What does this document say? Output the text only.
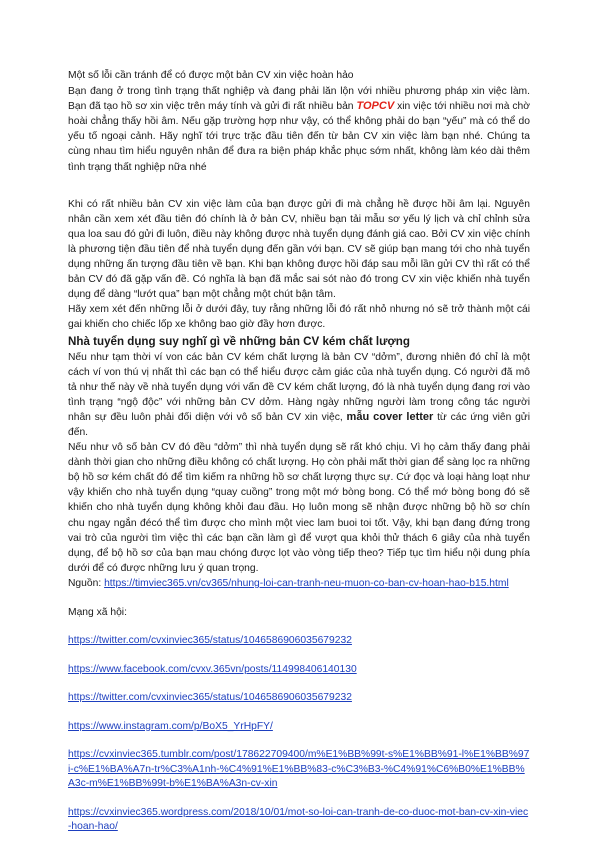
Một số lỗi cần tránh để có được một bản CV xin việc hoàn hảo

Bạn đang ở trong tình trạng thất nghiệp và đang phải lăn lộn với nhiều phương pháp xin việc làm. Bạn đã tạo hồ sơ xin việc trên máy tính và gửi đi rất nhiều bản TOPCV xin việc tới nhiều nơi mà chờ hoài chẳng thấy hồi âm. Nếu gặp trường hợp như vậy, có thể không phải do bạn “yếu” mà có thể do yếu tố ngoại cảnh. Hãy nghĩ tới trực trặc đầu tiên đến từ bản CV xin việc làm bạn nhé. Chúng ta cùng nhau tìm hiểu nguyên nhân để đưa ra biện pháp khắc phục sớm nhất, không làm kéo dài thêm tình trạng thất nghiệp nữa nhé

Khi có rất nhiều bản CV xin việc làm của bạn được gửi đi mà chẳng hề được hồi âm lại. Nguyên nhân cần xem xét đầu tiên đó chính là ở bản CV, nhiều bạn tải mẫu sơ yếu lý lịch và chỉ chỉnh sửa qua loa sau đó gửi đi luôn, điều này không được nhà tuyển dụng đánh giá cao. Bởi CV xin việc chính là phương tiện đầu tiên để nhà tuyển dụng đến gần với bạn. CV sẽ giúp bạn mang tới cho nhà tuyển dụng những ấn tượng đầu tiên về bạn. Khi bạn không được hồi đáp sau mỗi lần gửi CV thì rất có thể bản CV đó đã gặp vấn đề. Có nghĩa là bạn đã mắc sai sót nào đó trong CV xin việc khiến nhà tuyển dụng để dàng “lướt qua” bạn một chẳng một chút bận tâm.

Hãy xem xét đến những lỗi ở dưới đây, tuy rằng những lỗi đó rất nhỏ nhưng nó sẽ trở thành một cái gai khiến cho chiếc lốp xe không bao giờ đầy hơn được.

Nhà tuyển dụng suy nghĩ gì về những bản CV kém chất lượng

Nếu như tạm thời ví von các bản CV kém chất lượng là bản CV “dởm”, đương nhiên đó chỉ là một cách ví von thú vị nhất thì các bạn có thể hiểu được cảm giác của nhà tuyển dụng. Có người đã mô tả như thế này về nhà tuyển dụng với vấn đề CV kém chất lượng, đó là nhà tuyển dụng đang rơi vào tình trạng “ngộ độc” với những bản CV dởm. Hàng ngày những người làm trong công tác người nhân sự đều luôn phải đối diện với vô số bản CV xin việc, mẫu cover letter từ các ứng viên gửi đến.

Nếu như vô số bản CV đó đều “dởm” thì nhà tuyển dụng sẽ rất khó chịu. Vì họ cảm thấy đang phải dành thời gian cho những điều không có chất lượng. Họ còn phải mất thời gian để sàng lọc ra những bộ hồ sơ kém chất đó để tìm kiếm ra những hồ sơ chất lượng thực sự. Cứ đọc và loại hàng loạt như vậy khiến cho nhà tuyển dụng “quay cuồng” trong một mớ bòng bong. Có thể mớ bòng bong đó sẽ khiến cho nhà tuyển dụng không khỏi đau đầu. Họ luôn mong sẽ nhận được những bộ hồ sơ chín chu ngay ngắn đécó thể tìm được cho mình một viec lam buoi toi tốt. Vậy, khi bạn đang đứng trong vai trò của người tìm việc thì các bạn cần làm gì để vượt qua khỏi thử thách 6 giây của nhà tuyển dụng, để bộ hồ sơ của bạn mau chóng được lọt vào vòng tiếp theo? Tiếp tục tìm hiểu nội dung phía dưới để có được những lưu ý quan trọng.

Nguồn: https://timviec365.vn/cv365/nhung-loi-can-tranh-neu-muon-co-ban-cv-hoan-hao-b15.html

Mạng xã hội:

https://twitter.com/cvxinviec365/status/1046586906035679232
https://www.facebook.com/cvxv.365vn/posts/114998406140130
https://twitter.com/cvxinviec365/status/1046586906035679232
https://www.instagram.com/p/BoX5_YrHpFY/
https://cvxinviec365.tumblr.com/post/178622709400/m%E1%BB%99t-s%E1%BB%91-l%E1%BB%97i-c%E1%BA%A7n-tr%C3%A1nh-%C4%91%E1%BB%83-c%C3%B3-%C4%91%C6%B0%E1%BB%A3c-m%E1%BB%99t-b%E1%BA%A3n-cv-xin
https://cvxinviec365.wordpress.com/2018/10/01/mot-so-loi-can-tranh-de-co-duoc-mot-ban-cv-xin-viec-hoan-hao/
